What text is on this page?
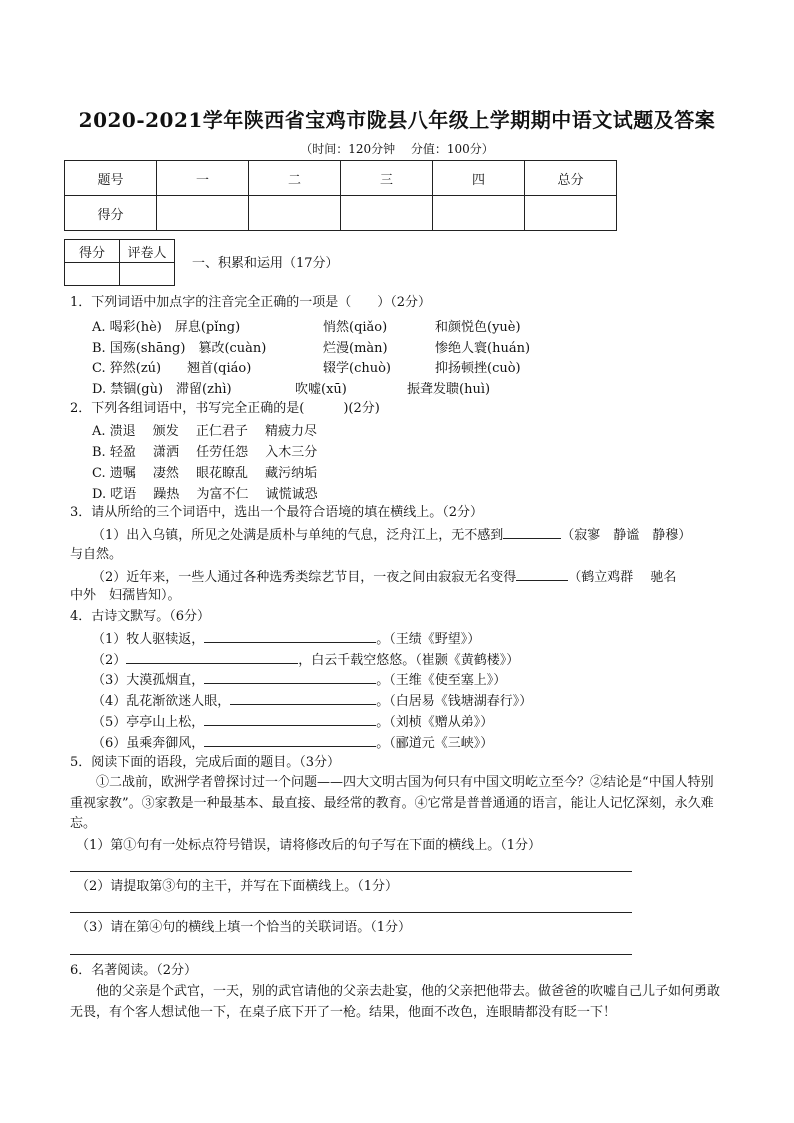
2020-2021学年陕西省宝鸡市陇县八年级上学期期中语文试题及答案
（时间：120分钟　 分值：100分）
题号	一	二	三	四	总分
得分					
得分	评卷人

一、积累和运用（17分）
1．下列词语中加点字的注音完全正确的一项是（　　）（2分）
A. 喝彩(hè)　屏息(pǐng)	悄然(qiǎo)	和颜悦色(yuè)
B. 国殇(shāng)　篡改(cuàn)	烂漫(màn)	惨绝人寰(huán)
C. 猝然(zú)　　翘首(qiáo)	辍学(chuò)	抑扬顿挫(cuò)
D. 禁锢(gù)　滞留(zhì)	吹嘘(xū)	振聋发聩(huì)
2．下列各组词语中，书写完全正确的是(　　　)(2分)
A. 溃退　 颁发　 正仁君子　 精疲力尽
B. 轻盈　 潇洒　 任劳任怨　 入木三分
C. 遗嘱　 凄然　 眼花瞭乱　 藏污纳垢
D. 呓语　 躁热　 为富不仁　 诚慌诚恐
3．请从所给的三个词语中，选出一个最符合语境的填在横线上。（2分）
（1）出入乌镇，所见之处满是质朴与单纯的气息，泛舟江上，无不感到	（寂寥　静谧　静穆）
与自然。
（2）近年来，一些人通过各种选秀类综艺节目，一夜之间由寂寂无名变得	（鹤立鸡群　 驰名
中外　妇孺皆知）。
4．古诗文默写。（6分）
（1）牧人驱犊返，	。（王绩《野望》）
（2）	，白云千载空悠悠。（崔颢《黄鹤楼》）
（3）大漠孤烟直，	。（王维《使至塞上》）
（4）乱花渐欲迷人眼，	。（白居易《钱塘湖春行》）
（5）亭亭山上松，	。（刘桢《赠从弟》）
（6）虽乘奔御风，	。（郦道元《三峡》）
5．阅读下面的语段，完成后面的题目。（3分）
①二战前，欧洲学者曾探讨过一个问题——四大文明古国为何只有中国文明屹立至今？②结论是“中国人特别重视家教”。③家教是一种最基本、最直接、最经常的教育。④它常是普普通通的语言，能让人记忆深刻，永久难忘。
（1）第①句有一处标点符号错误，请将修改后的句子写在下面的横线上。（1分）
（2）请提取第③句的主干，并写在下面横线上。（1分）
（3）请在第④句的横线上填一个恰当的关联词语。（1分）
6．名著阅读。（2分）
他的父亲是个武官，一天，别的武官请他的父亲去赴宴，他的父亲把他带去。做爸爸的吹嘘自己儿子如何勇敢无畏，有个客人想试他一下，在桌子底下开了一枪。结果，他面不改色，连眼睛都没有眨一下！
